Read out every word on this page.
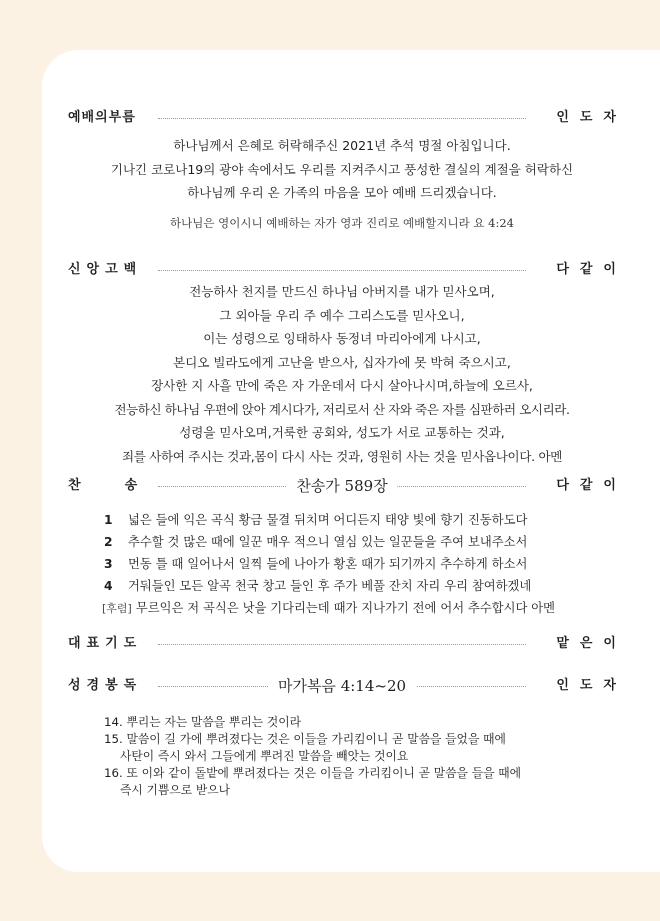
예배의부름	인도자
하나님께서 은혜로 허락해주신 2021년 추석 명절 아침입니다.
기나긴 코로나19의 광야 속에서도 우리를 지켜주시고 풍성한 결실의 계절을 허락하신
하나님께 우리 온 가족의 마음을 모아 예배 드리겠습니다.
하나님은 영이시니 예배하는 자가 영과 진리로 예배할지니라 요 4:24
신앙고백	다같이
전능하사 천지를 만드신 하나님 아버지를 내가 믿사오며,
그 외아들 우리 주 예수 그리스도를 믿사오니,
이는 성령으로 잉태하사 동정녀 마리아에게 나시고,
본디오 빌라도에게 고난을 받으사, 십자가에 못 박혀 죽으시고,
장사한 지 사흘 만에 죽은 자 가운데서 다시 살아나시며,하늘에 오르사,
전능하신 하나님 우편에 앉아 계시다가, 저리로서 산 자와 죽은 자를 심판하러 오시리라.
성령을 믿사오며,거룩한 공회와, 성도가 서로 교통하는 것과,
죄를 사하여 주시는 것과,몸이 다시 사는 것과, 영원히 사는 것을 믿사옵나이다. 아멘
찬	송	찬송가 589장	다같이
1 넓은 들에 익은 곡식 황금 물결 뒤치며 어디든지 태양 빛에 향기 진동하도다
2 추수할 것 많은 때에 일꾼 매우 적으니 열심 있는 일꾼들을 주여 보내주소서
3 먼동 틀 때 일어나서 일찍 들에 나아가 황혼 때가 되기까지 추수하게 하소서
4 거둬들인 모든 알곡 천국 창고 들인 후 주가 베풀 잔치 자리 우리 참여하겠네
[후렴] 무르익은 저 곡식은 낫을 기다리는데 때가 지나가기 전에 어서 추수합시다 아멘
대표기도	맡은이
성경봉독	마가복음 4:14~20	인도자
14. 뿌리는 자는 말씀을 뿌리는 것이라
15. 말씀이 길 가에 뿌려졌다는 것은 이들을 가리킴이니 곧 말씀을 들었을 때에
사탄이 즉시 와서 그들에게 뿌려진 말씀을 빼앗는 것이요
16. 또 이와 같이 돌밭에 뿌려졌다는 것은 이들을 가리킴이니 곧 말씀을 들을 때에
즉시 기쁨으로 받으나
